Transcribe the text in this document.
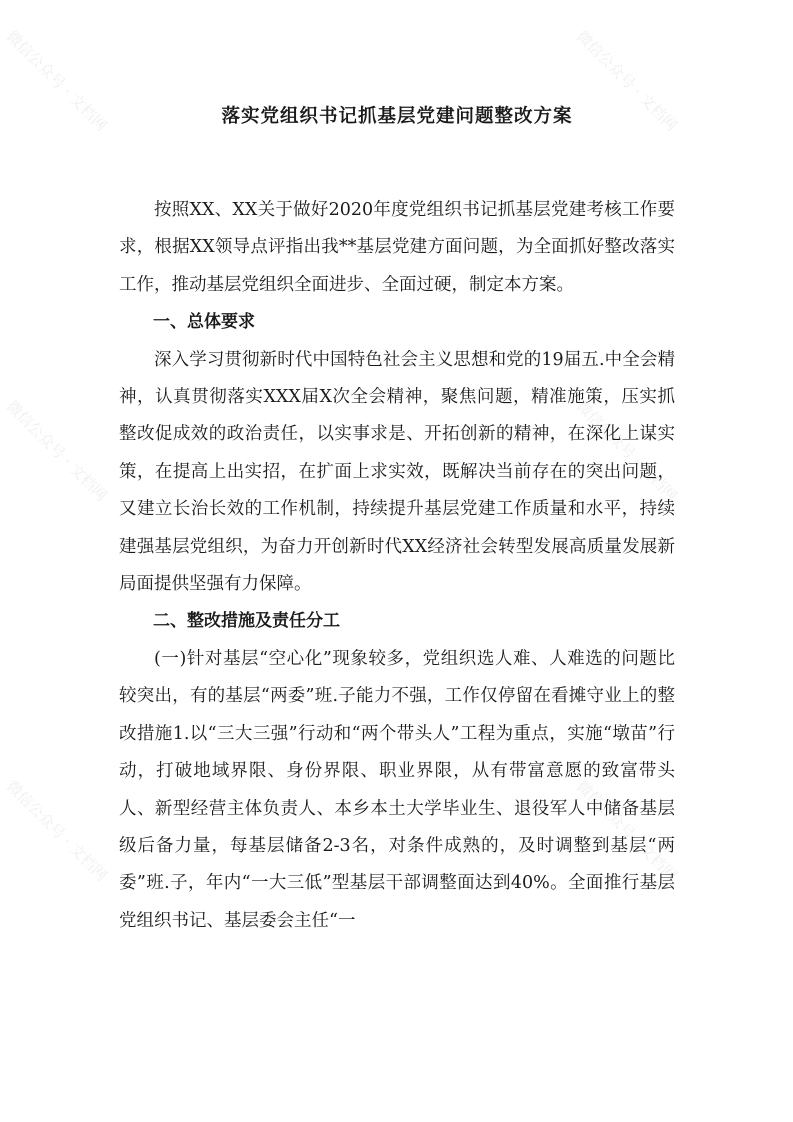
微信公众号 · 文档网	微信公众号 · 文档网
微信公众号 · 文档网	微信公众号 · 文档网
微信公众号 · 文档网	微信公众号 · 文档网
落实党组织书记抓基层党建问题整改方案

按照XX、XX关于做好2020年度党组织书记抓基层党建考核工作要求，根据XX领导点评指出我**基层党建方面问题，为全面抓好整改落实工作，推动基层党组织全面进步、全面过硬，制定本方案。

一、总体要求

深入学习贯彻新时代中国特色社会主义思想和党的19届五.中全会精神，认真贯彻落实XXX届X次全会精神，聚焦问题，精准施策，压实抓整改促成效的政治责任，以实事求是、开拓创新的精神，在深化上谋实策，在提高上出实招，在扩面上求实效，既解决当前存在的突出问题，又建立长治长效的工作机制，持续提升基层党建工作质量和水平，持续建强基层党组织，为奋力开创新时代XX经济社会转型发展高质量发展新局面提供坚强有力保障。

二、整改措施及责任分工

(一)针对基层“空心化”现象较多，党组织选人难、人难选的问题比较突出，有的基层“两委”班.子能力不强，工作仅停留在看摊守业上的整改措施1.以“三大三强”行动和“两个带头人”工程为重点，实施“墩苗”行动，打破地域界限、身份界限、职业界限，从有带富意愿的致富带头人、新型经营主体负责人、本乡本土大学毕业生、退役军人中储备基层级后备力量，每基层储备2-3名，对条件成熟的，及时调整到基层“两委”班.子，年内“一大三低”型基层干部调整面达到40%。全面推行基层党组织书记、基层委会主任“一
